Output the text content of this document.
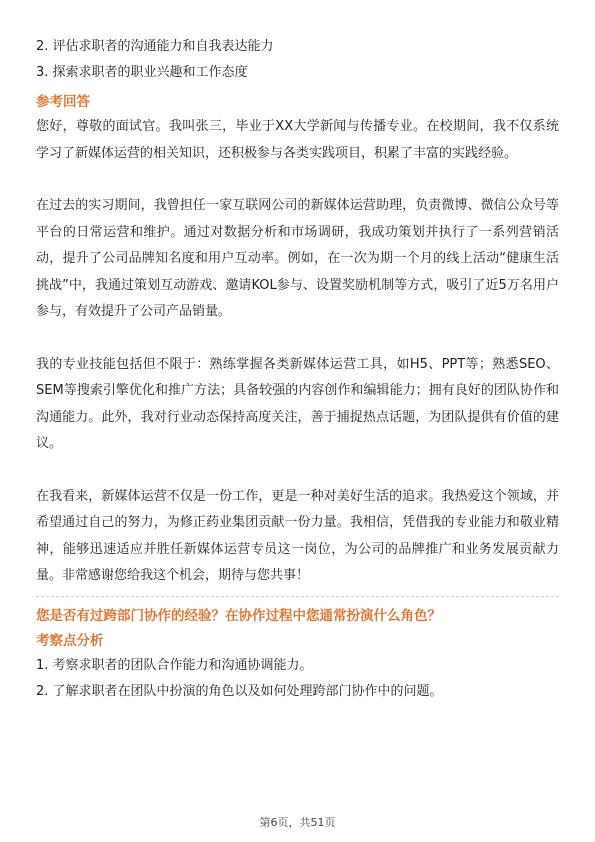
2. 评估求职者的沟通能力和自我表达能力
3. 探索求职者的职业兴趣和工作态度
参考回答

您好，尊敬的面试官。我叫张三，毕业于XX大学新闻与传播专业。在校期间，我不仅系统学习了新媒体运营的相关知识，还积极参与各类实践项目，积累了丰富的实践经验。

在过去的实习期间，我曾担任一家互联网公司的新媒体运营助理，负责微博、微信公众号等平台的日常运营和维护。通过对数据分析和市场调研，我成功策划并执行了一系列营销活动，提升了公司品牌知名度和用户互动率。例如，在一次为期一个月的线上活动“健康生活挑战”中，我通过策划互动游戏、邀请KOL参与、设置奖励机制等方式，吸引了近5万名用户参与，有效提升了公司产品销量。

我的专业技能包括但不限于：熟练掌握各类新媒体运营工具，如H5、PPT等；熟悉SEO、SEM等搜索引擎优化和推广方法；具备较强的内容创作和编辑能力；拥有良好的团队协作和沟通能力。此外，我对行业动态保持高度关注，善于捕捉热点话题，为团队提供有价值的建议。

在我看来，新媒体运营不仅是一份工作，更是一种对美好生活的追求。我热爱这个领域，并希望通过自己的努力，为修正药业集团贡献一份力量。我相信，凭借我的专业能力和敬业精神，能够迅速适应并胜任新媒体运营专员这一岗位，为公司的品牌推广和业务发展贡献力量。非常感谢您给我这个机会，期待与您共事！

您是否有过跨部门协作的经验？在协作过程中您通常扮演什么角色？
考察点分析
1. 考察求职者的团队合作能力和沟通协调能力。
2. 了解求职者在团队中扮演的角色以及如何处理跨部门协作中的问题。
第6页，共51页
